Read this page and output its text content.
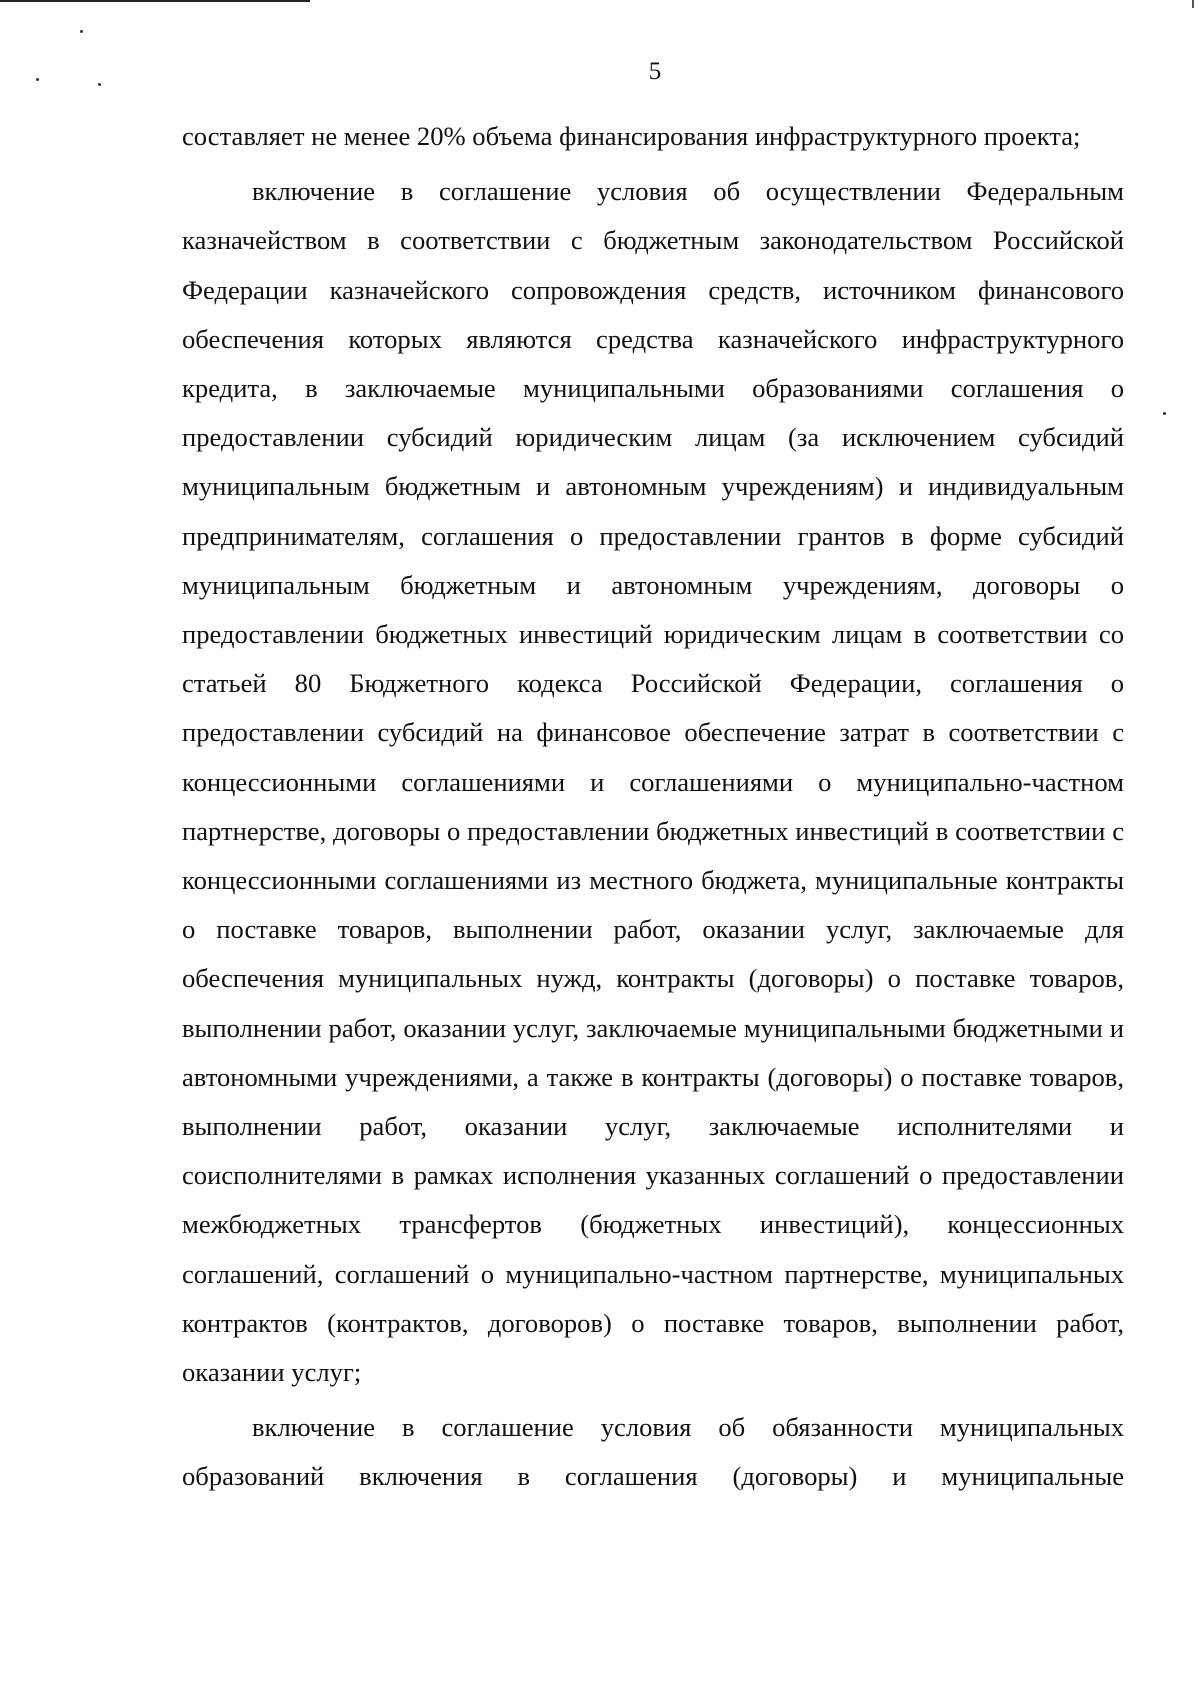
5

составляет не менее 20% объема финансирования инфраструктурного проекта;

включение в соглашение условия об осуществлении Федеральным казначейством в соответствии с бюджетным законодательством Российской Федерации казначейского сопровождения средств, источником финансового обеспечения которых являются средства казначейского инфраструктурного кредита, в заключаемые муниципальными образованиями соглашения о предоставлении субсидий юридическим лицам (за исключением субсидий муниципальным бюджетным и автономным учреждениям) и индивидуальным предпринимателям, соглашения о предоставлении грантов в форме субсидий муниципальным бюджетным и автономным учреждениям, договоры о предоставлении бюджетных инвестиций юридическим лицам в соответствии со статьей 80 Бюджетного кодекса Российской Федерации, соглашения о предоставлении субсидий на финансовое обеспечение затрат в соответствии с концессионными соглашениями и соглашениями о муниципально-частном партнерстве, договоры о предоставлении бюджетных инвестиций в соответствии с концессионными соглашениями из местного бюджета, муниципальные контракты о поставке товаров, выполнении работ, оказании услуг, заключаемые для обеспечения муниципальных нужд, контракты (договоры) о поставке товаров, выполнении работ, оказании услуг, заключаемые муниципальными бюджетными и автономными учреждениями, а также в контракты (договоры) о поставке товаров, выполнении работ, оказании услуг, заключаемые исполнителями и соисполнителями в рамках исполнения указанных соглашений о предоставлении межбюджетных трансфертов (бюджетных инвестиций), концессионных соглашений, соглашений о муниципально-частном партнерстве, муниципальных контрактов (контрактов, договоров) о поставке товаров, выполнении работ, оказании услуг;

включение в соглашение условия об обязанности муниципальных образований включения в соглашения (договоры) и муниципальные
